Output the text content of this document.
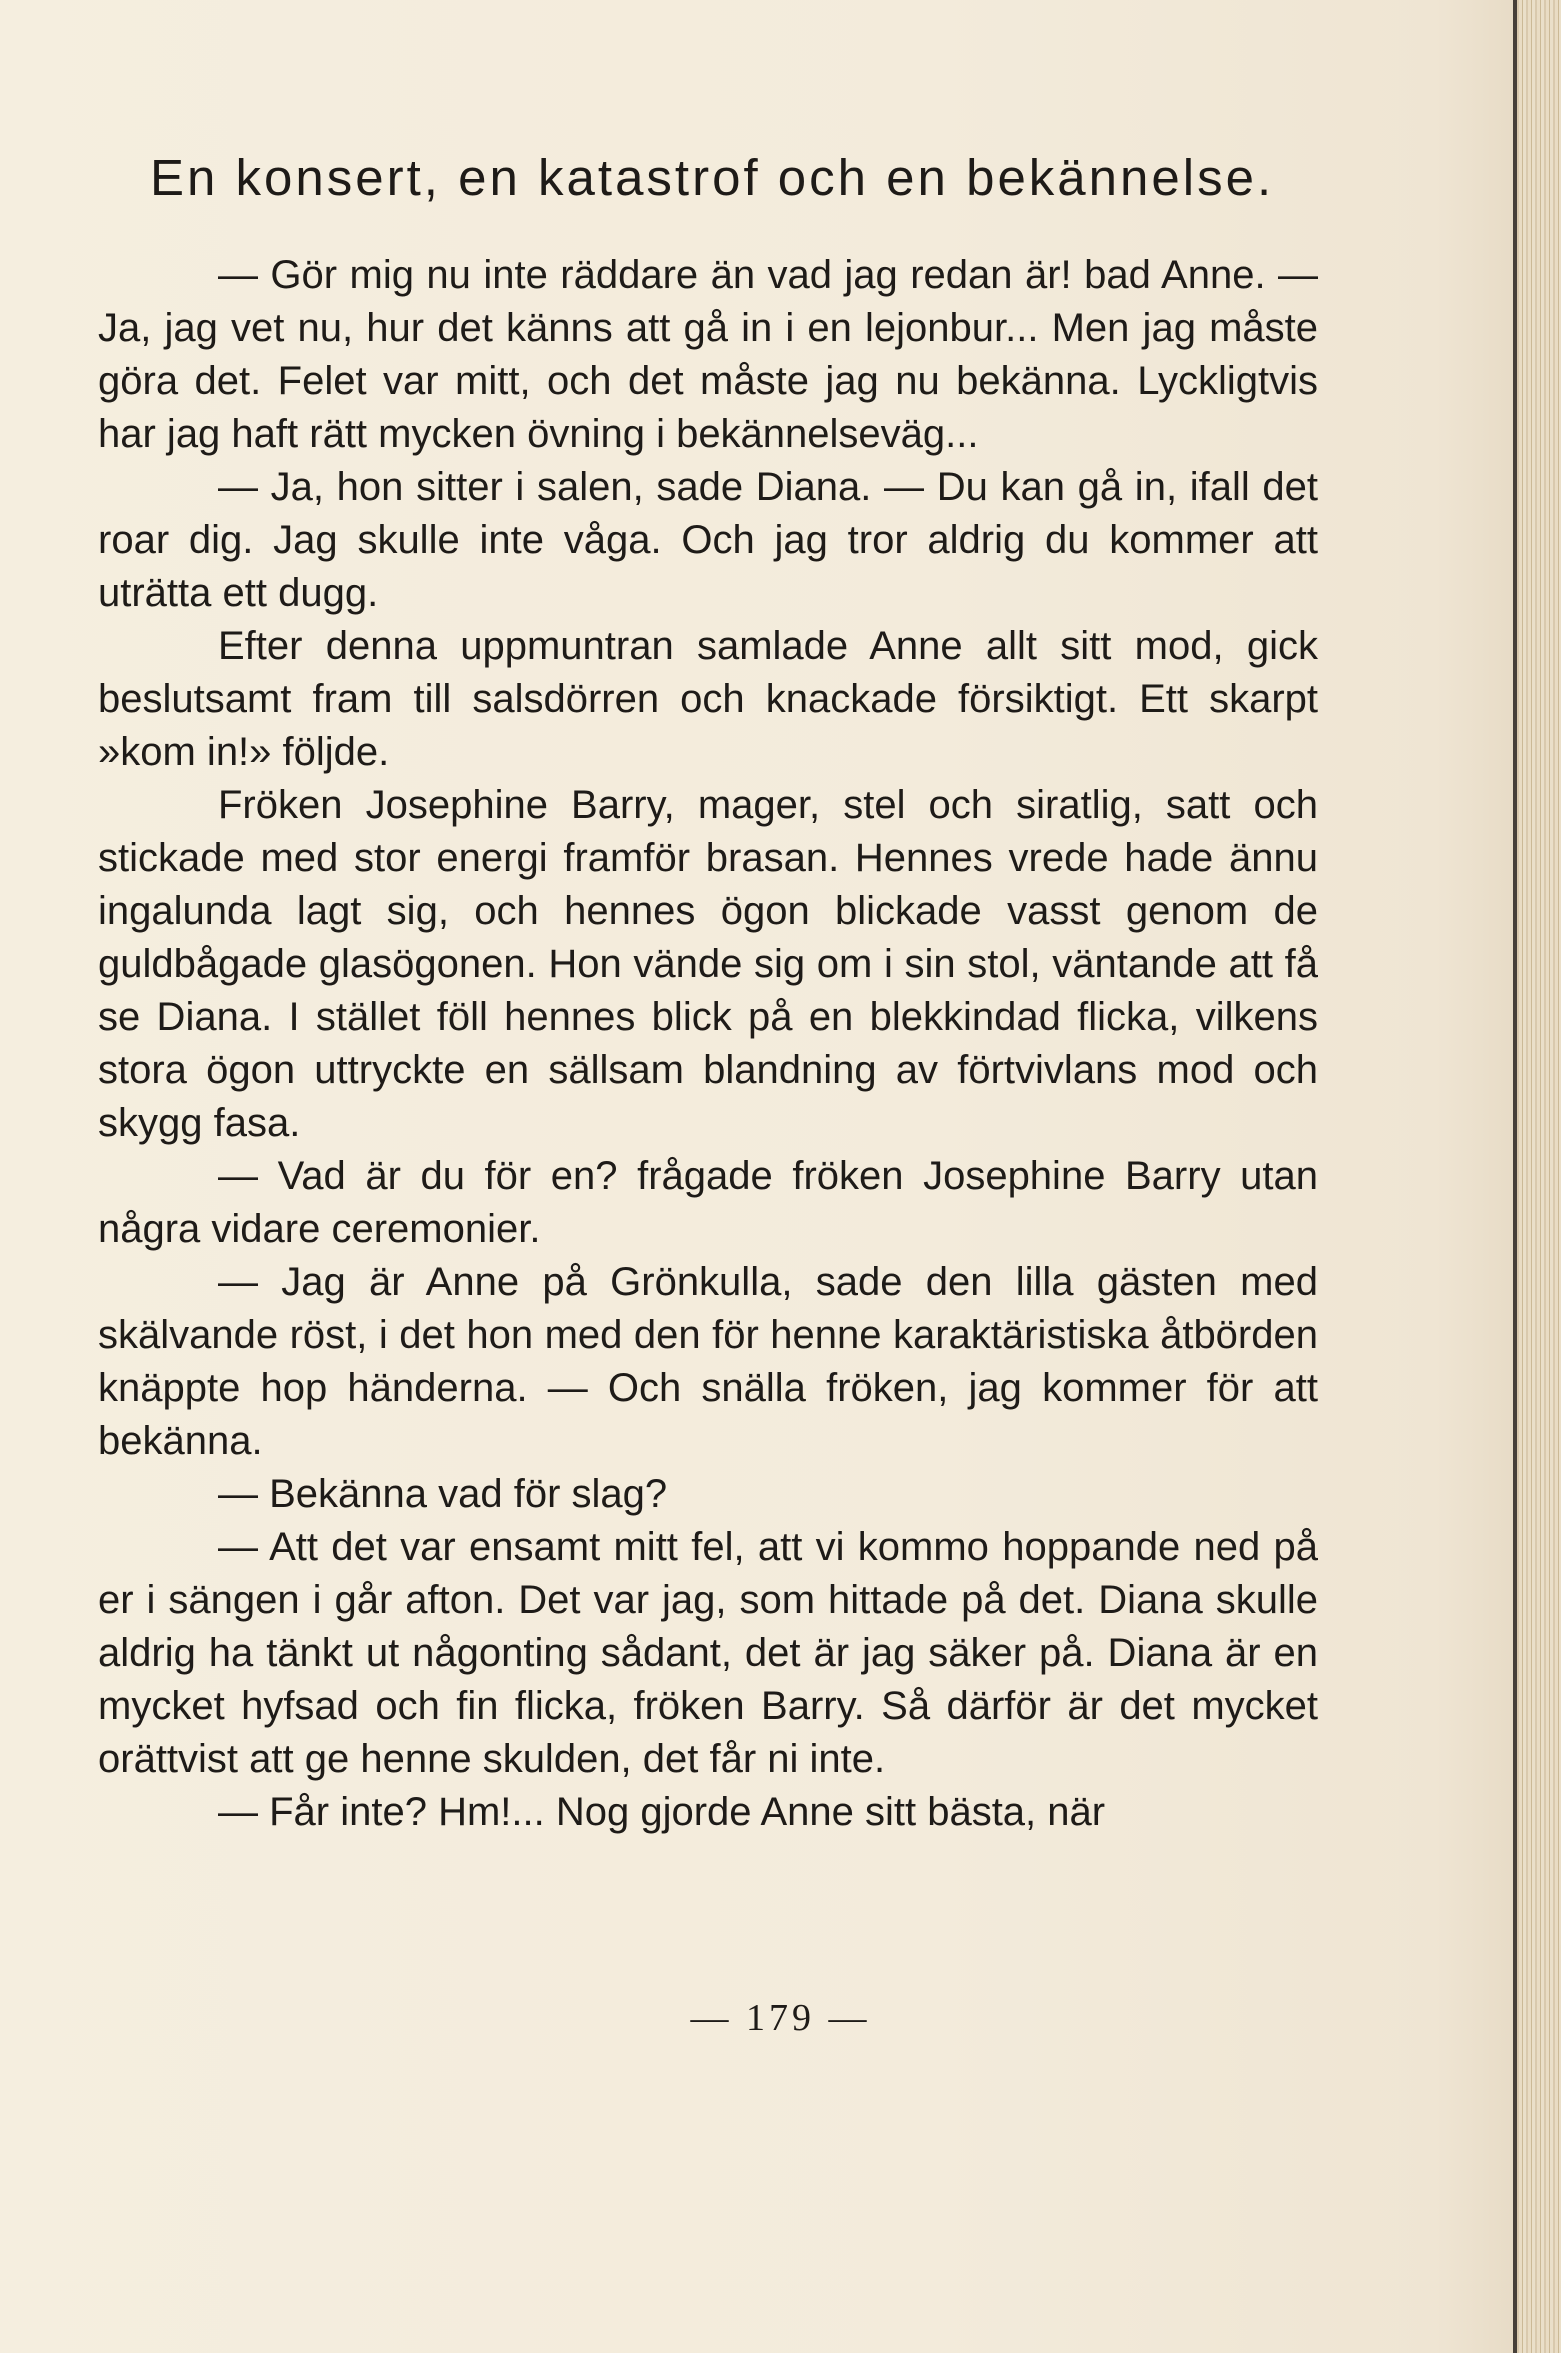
En konsert, en katastrof och en bekännelse.

— Gör mig nu inte räddare än vad jag redan är! bad Anne. — Ja, jag vet nu, hur det känns att gå in i en lejonbur... Men jag måste göra det. Felet var mitt, och det måste jag nu bekänna. Lyckligtvis har jag haft rätt mycken övning i bekännelseväg...

— Ja, hon sitter i salen, sade Diana. — Du kan gå in, ifall det roar dig. Jag skulle inte våga. Och jag tror aldrig du kommer att uträtta ett dugg.

Efter denna uppmuntran samlade Anne allt sitt mod, gick beslutsamt fram till salsdörren och knackade försiktigt. Ett skarpt »kom in!» följde.

Fröken Josephine Barry, mager, stel och siratlig, satt och stickade med stor energi framför brasan. Hennes vrede hade ännu ingalunda lagt sig, och hennes ögon blickade vasst genom de guldbågade glasögonen. Hon vände sig om i sin stol, väntande att få se Diana. I stället föll hennes blick på en blekkindad flicka, vilkens stora ögon uttryckte en sällsam blandning av förtvivlans mod och skygg fasa.

— Vad är du för en? frågade fröken Josephine Barry utan några vidare ceremonier.

— Jag är Anne på Grönkulla, sade den lilla gästen med skälvande röst, i det hon med den för henne karaktäristiska åtbörden knäppte hop händerna. — Och snälla fröken, jag kommer för att bekänna.

— Bekänna vad för slag?

— Att det var ensamt mitt fel, att vi kommo hoppande ned på er i sängen i går afton. Det var jag, som hittade på det. Diana skulle aldrig ha tänkt ut någonting sådant, det är jag säker på. Diana är en mycket hyfsad och fin flicka, fröken Barry. Så därför är det mycket orättvist att ge henne skulden, det får ni inte.

— Får inte? Hm!... Nog gjorde Anne sitt bästa, när

— 179 —
